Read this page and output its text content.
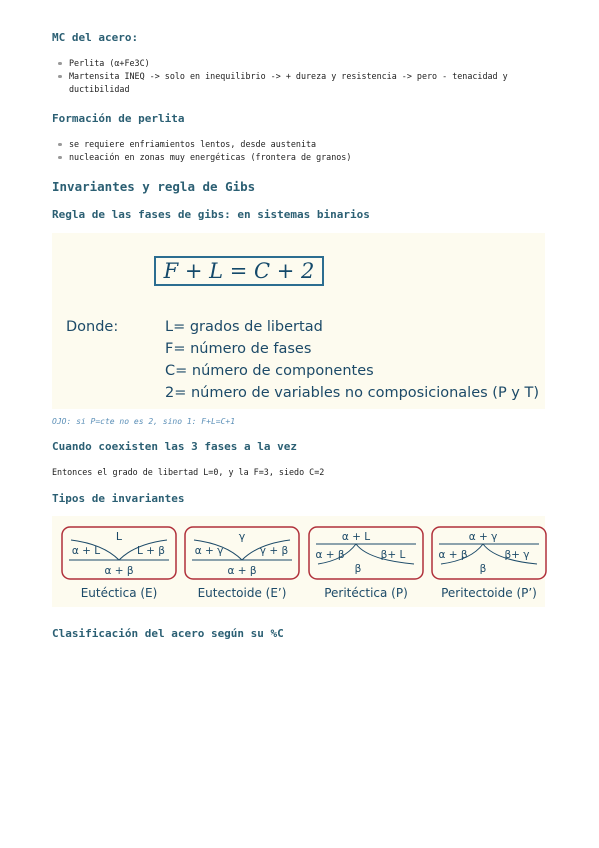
MC del acero:
Perlita (α+Fe3C)
Martensita INEQ -> solo en inequilibrio -> + dureza y resistencia -> pero - tenacidad y ductibilidad
Formación de perlita
se requiere enfriamientos lentos, desde austenita
nucleación en zonas muy energéticas (frontera de granos)
Invariantes y regla de Gibs
Regla de las fases de gibs: en sistemas binarios
F + L = C + 2
Donde:	L= grados de libertad
F= número de fases
C= número de componentes
2= número de variables no composicionales (P y T)
OJO: si P=cte no es 2, sino 1: F+L=C+1
Cuando coexisten las 3 fases a la vez
Entonces el grado de libertad L=0, y la F=3, siedo C=2
Tipos de invariantes
L
α + L	L + β
α + β
Eutéctica (E)
γ
α + γ	γ + β
α + β
Eutectoide (E’)
α + L
α + β	β+ L
β
Peritéctica (P)
α + γ
α + β	β+ γ
β
Peritectoide (P’)
Clasificación del acero según su %C
